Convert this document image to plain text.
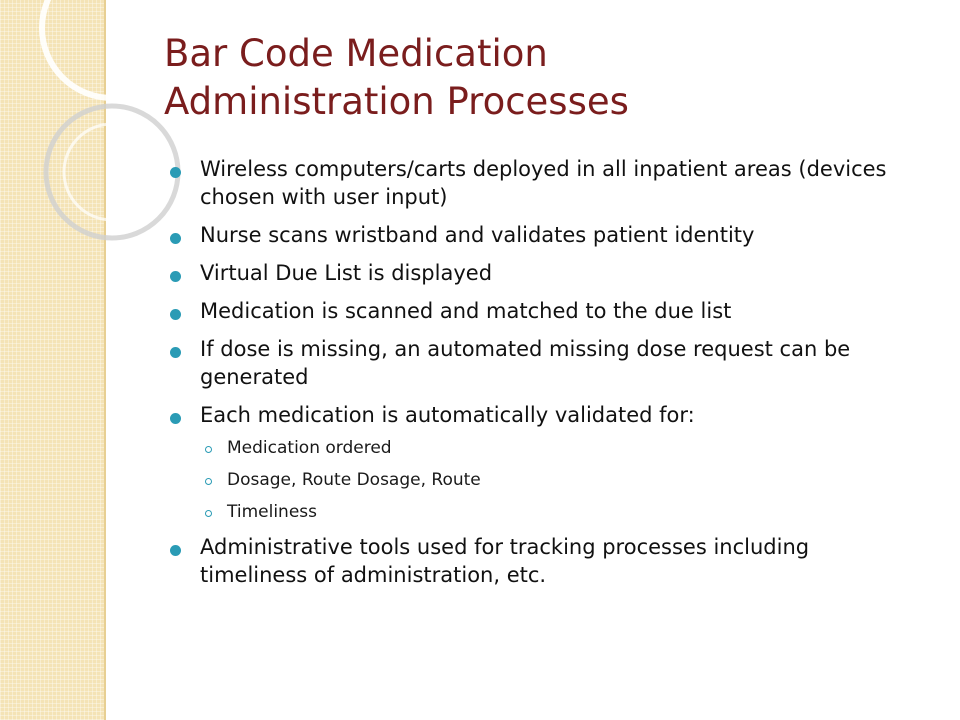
Bar Code Medication
Administration Processes
Wireless computers/carts deployed in all inpatient areas (devices chosen with user input)
Nurse scans wristband and validates patient identity
Virtual Due List is displayed
Medication is scanned and matched to the due list
If dose is missing, an automated missing dose request can be generated
Each medication is automatically validated for:
Medication ordered
Dosage, Route Dosage, Route
Timeliness
Administrative tools used for tracking processes including timeliness of administration, etc.
